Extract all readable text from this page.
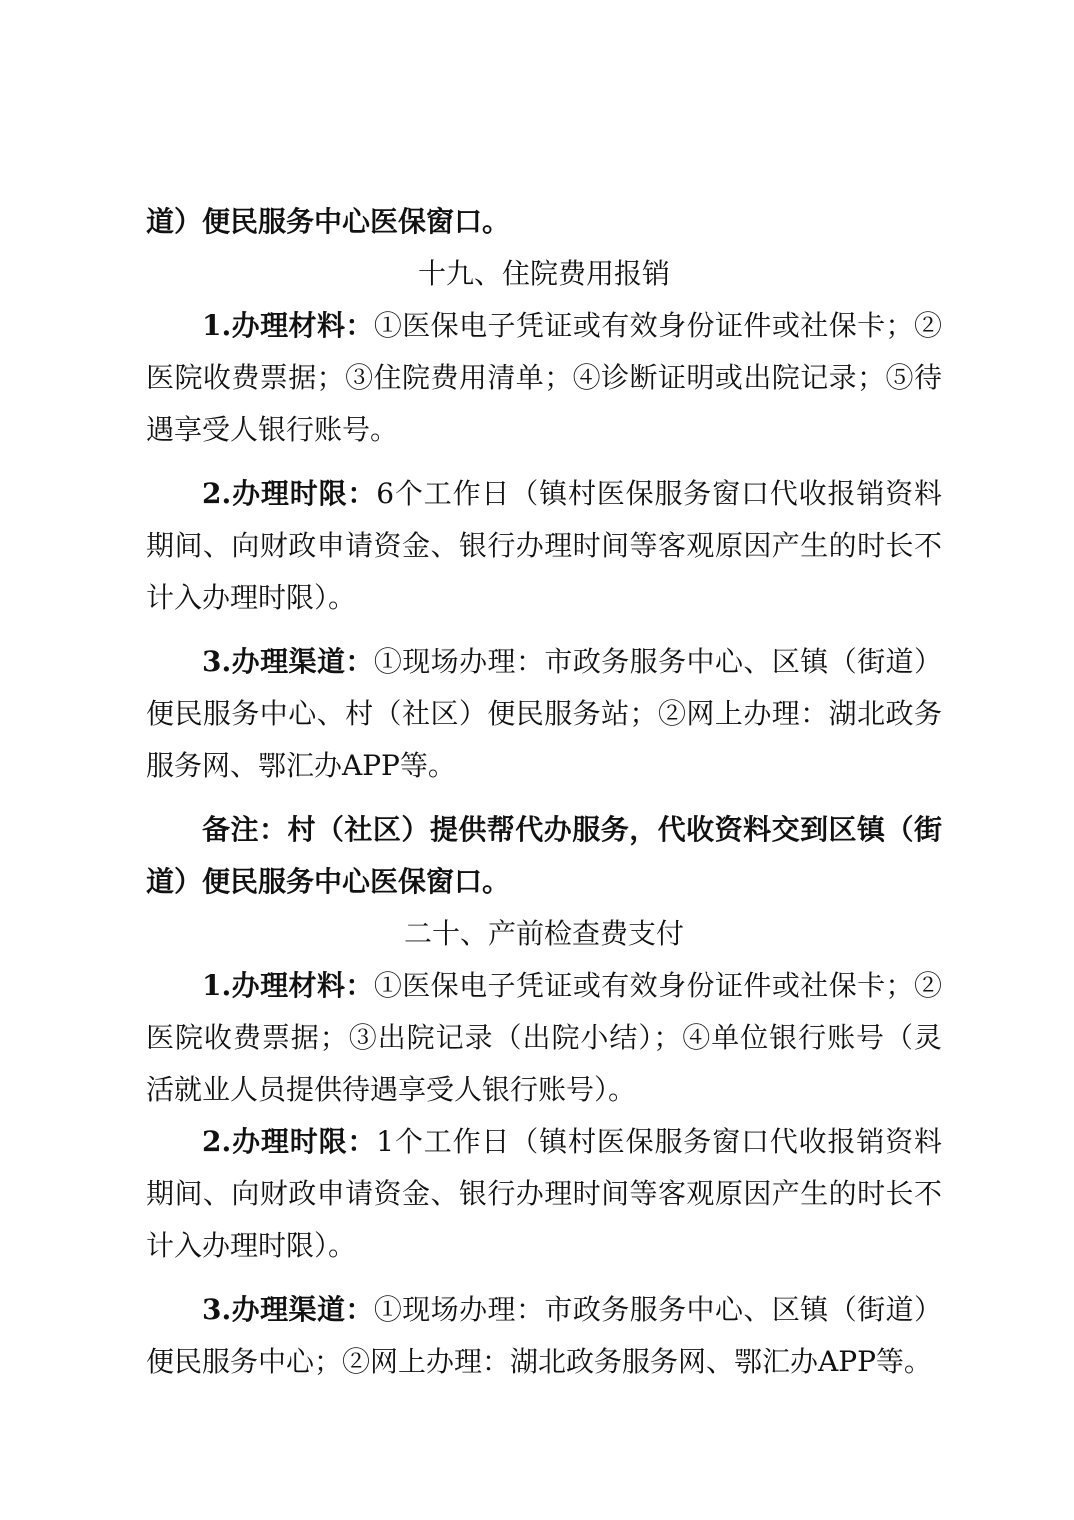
道）便民服务中心医保窗口。
十九、住院费用报销
1.办理材料：①医保电子凭证或有效身份证件或社保卡；②
医院收费票据；③住院费用清单；④诊断证明或出院记录；⑤待
遇享受人银行账号。
2.办理时限：6个工作日（镇村医保服务窗口代收报销资料
期间、向财政申请资金、银行办理时间等客观原因产生的时长不
计入办理时限）。
3.办理渠道：①现场办理：市政务服务中心、区镇（街道）
便民服务中心、村（社区）便民服务站；②网上办理：湖北政务
服务网、鄂汇办APP等。
备注：村（社区）提供帮代办服务，代收资料交到区镇（街
道）便民服务中心医保窗口。
二十、产前检查费支付
1.办理材料：①医保电子凭证或有效身份证件或社保卡；②
医院收费票据；③出院记录（出院小结）；④单位银行账号（灵
活就业人员提供待遇享受人银行账号）。
2.办理时限：1个工作日（镇村医保服务窗口代收报销资料
期间、向财政申请资金、银行办理时间等客观原因产生的时长不
计入办理时限）。
3.办理渠道：①现场办理：市政务服务中心、区镇（街道）
便民服务中心；②网上办理：湖北政务服务网、鄂汇办APP等。
